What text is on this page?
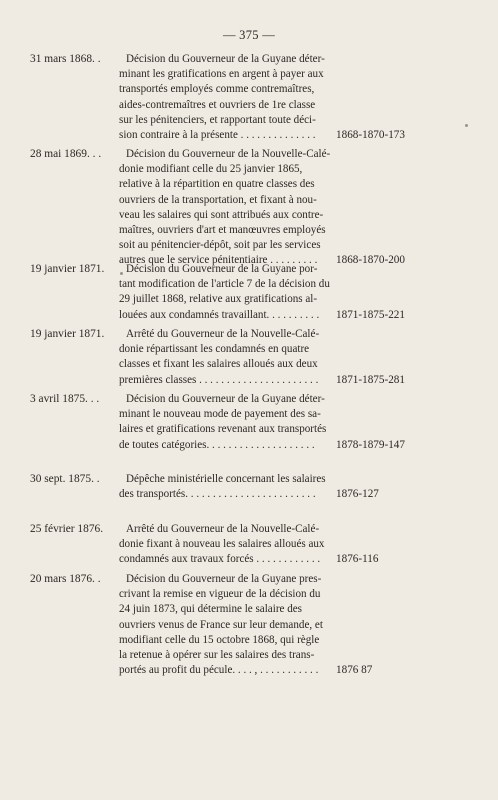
— 375 —
31 mars 1868. .	Décision du Gouverneur de la Guyane déter-
minant les gratifications en argent à payer aux
transportés employés comme contremaîtres,
aides-contremaîtres et ouvriers de 1re classe
sur les pénitenciers, et rapportant toute déci-
sion contraire à la présente . . . . . . . . . . . . . .	1868-1870-173
28 mai 1869. . .	Décision du Gouverneur de la Nouvelle-Calé-
donie modifiant celle du 25 janvier 1865,
relative à la répartition en quatre classes des
ouvriers de la transportation, et fixant à nou-
veau les salaires qui sont attribués aux contre-
maîtres, ouvriers d'art et manœuvres employés
soit au pénitencier-dépôt, soit par les services
autres que le service pénitentiaire . . . . . . . . .	1868-1870-200
19 janvier 1871.	Décision du Gouverneur de la Guyane por-
tant modification de l'article 7 de la décision du
29 juillet 1868, relative aux gratifications al-
louées aux condamnés travaillant. . . . . . . . . .	1871-1875-221
19 janvier 1871.	Arrêté du Gouverneur de la Nouvelle-Calé-
donie répartissant les condamnés en quatre
classes et fixant les salaires alloués aux deux
premières classes . . . . . . . . . . . . . . . . . . . . . .	1871-1875-281
3 avril 1875. . .	Décision du Gouverneur de la Guyane déter-
minant le nouveau mode de payement des sa-
laires et gratifications revenant aux transportés
de toutes catégories. . . . . . . . . . . . . . . . . . . .	1878-1879-147
30 sept. 1875. .	Dépêche ministérielle concernant les salaires
des transportés. . . . . . . . . . . . . . . . . . . . . . . .	1876-127
25 février 1876.	Arrêté du Gouverneur de la Nouvelle-Calé-
donie fixant à nouveau les salaires alloués aux
condamnés aux travaux forcés . . . . . . . . . . . .	1876-116
20 mars 1876. .	Décision du Gouverneur de la Guyane pres-
crivant la remise en vigueur de la décision du
24 juin 1873, qui détermine le salaire des
ouvriers venus de France sur leur demande, et
modifiant celle du 15 octobre 1868, qui règle
la retenue à opérer sur les salaires des trans-
portés au profit du pécule. . . . , . . . . . . . . . . .	1876 87
